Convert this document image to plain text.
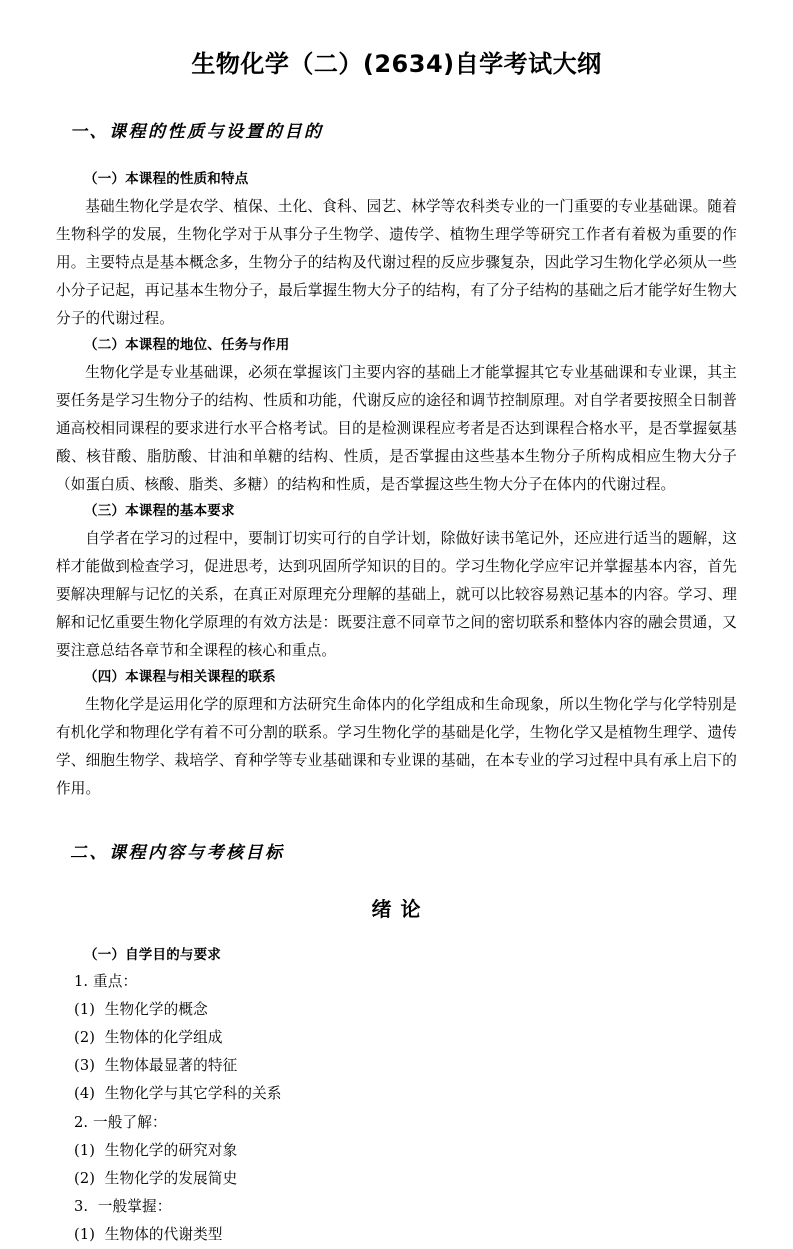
生物化学（二）(2634)自学考试大纲
一、课程的性质与设置的目的
（一）本课程的性质和特点

基础生物化学是农学、植保、土化、食科、园艺、林学等农科类专业的一门重要的专业基础课。随着生物科学的发展，生物化学对于从事分子生物学、遗传学、植物生理学等研究工作者有着极为重要的作用。主要特点是基本概念多，生物分子的结构及代谢过程的反应步骤复杂，因此学习生物化学必须从一些小分子记起，再记基本生物分子，最后掌握生物大分子的结构，有了分子结构的基础之后才能学好生物大分子的代谢过程。

（二）本课程的地位、任务与作用

生物化学是专业基础课，必须在掌握该门主要内容的基础上才能掌握其它专业基础课和专业课，其主要任务是学习生物分子的结构、性质和功能，代谢反应的途径和调节控制原理。对自学者要按照全日制普通高校相同课程的要求进行水平合格考试。目的是检测课程应考者是否达到课程合格水平，是否掌握氨基酸、核苷酸、脂肪酸、甘油和单糖的结构、性质，是否掌握由这些基本生物分子所构成相应生物大分子（如蛋白质、核酸、脂类、多糖）的结构和性质，是否掌握这些生物大分子在体内的代谢过程。

（三）本课程的基本要求

自学者在学习的过程中，要制订切实可行的自学计划，除做好读书笔记外，还应进行适当的题解，这样才能做到检查学习，促进思考，达到巩固所学知识的目的。学习生物化学应牢记并掌握基本内容，首先要解决理解与记忆的关系，在真正对原理充分理解的基础上，就可以比较容易熟记基本的内容。学习、理解和记忆重要生物化学原理的有效方法是：既要注意不同章节之间的密切联系和整体内容的融会贯通，又要注意总结各章节和全课程的核心和重点。

（四）本课程与相关课程的联系

生物化学是运用化学的原理和方法研究生命体内的化学组成和生命现象，所以生物化学与化学特别是有机化学和物理化学有着不可分割的联系。学习生物化学的基础是化学，生物化学又是植物生理学、遗传学、细胞生物学、栽培学、育种学等专业基础课和专业课的基础，在本专业的学习过程中具有承上启下的作用。

二、课程内容与考核目标
绪 论
（一）自学目的与要求
1. 重点：
(1)  生物化学的概念
(2)  生物体的化学组成
(3)  生物体最显著的特征
(4)  生物化学与其它学科的关系
2. 一般了解：
(1)  生物化学的研究对象
(2)  生物化学的发展简史
3.  一般掌握：
(1)  生物体的代谢类型
